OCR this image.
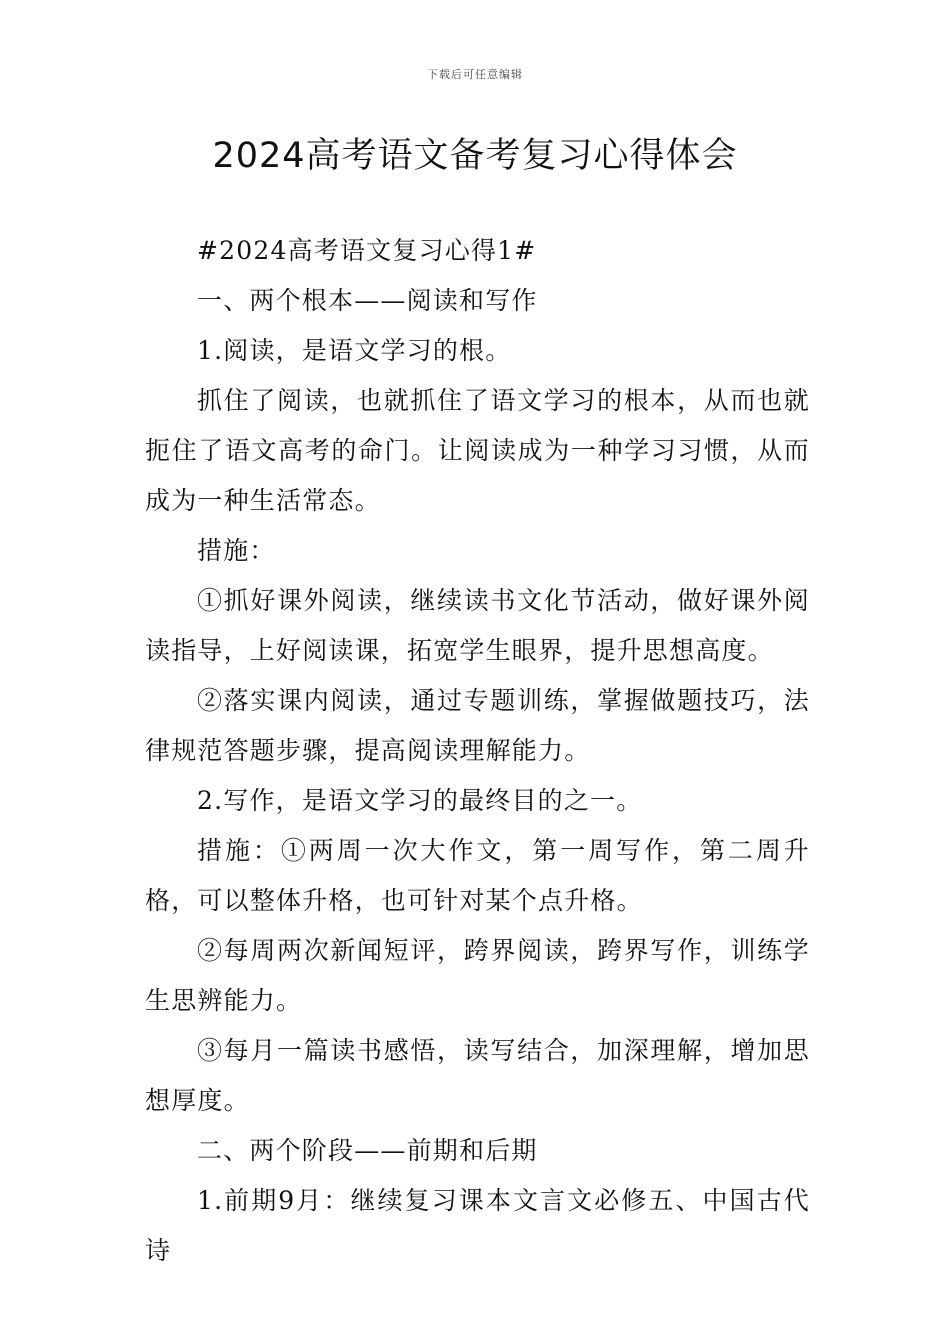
下载后可任意编辑
2024高考语文备考复习心得体会

#2024高考语文复习心得1#

一、两个根本——阅读和写作

1.阅读，是语文学习的根。

抓住了阅读，也就抓住了语文学习的根本，从而也就扼住了语文高考的命门。让阅读成为一种学习习惯，从而成为一种生活常态。

措施：

①抓好课外阅读，继续读书文化节活动，做好课外阅读指导，上好阅读课，拓宽学生眼界，提升思想高度。

②落实课内阅读，通过专题训练，掌握做题技巧，法律规范答题步骤，提高阅读理解能力。

2.写作，是语文学习的最终目的之一。

措施：①两周一次大作文，第一周写作，第二周升格，可以整体升格，也可针对某个点升格。

②每周两次新闻短评，跨界阅读，跨界写作，训练学生思辨能力。

③每月一篇读书感悟，读写结合，加深理解，增加思想厚度。

二、两个阶段——前期和后期

1.前期9月：继续复习课本文言文必修五、中国古代诗
